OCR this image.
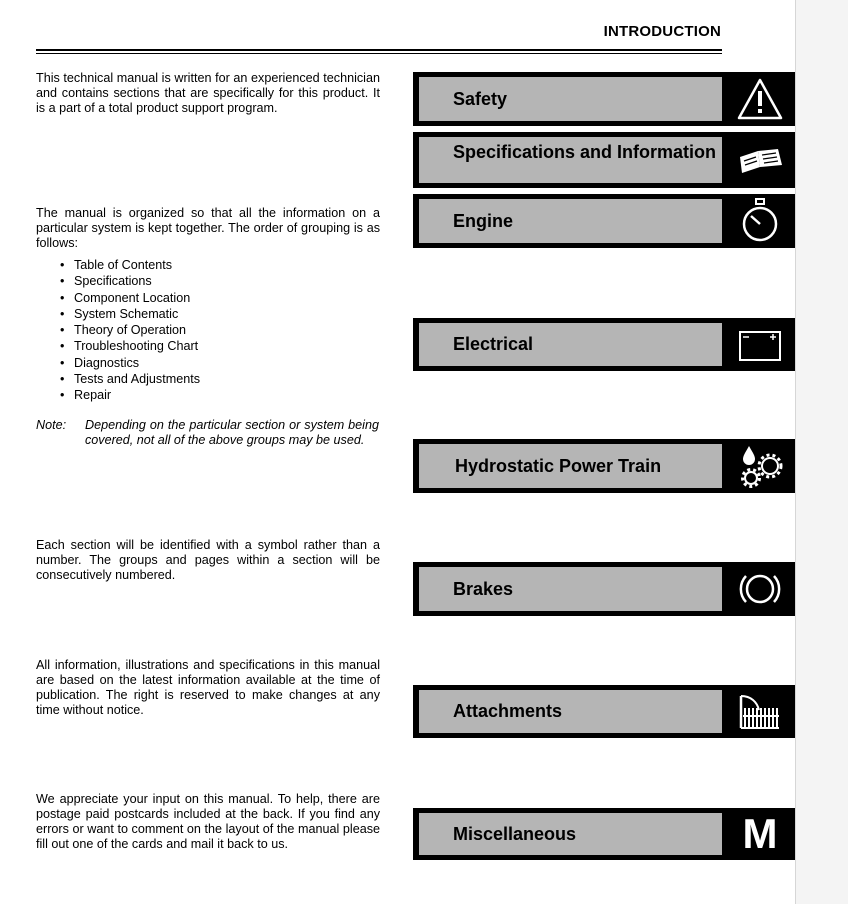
INTRODUCTION
This technical manual is written for an experienced technician and contains sections that are specifically for this product. It is a part of a total product support program.
The manual is organized so that all the information on a particular system is kept together. The order of grouping is as follows:
• Table of Contents
• Specifications
• Component Location
• System Schematic
• Theory of Operation
• Troubleshooting Chart
• Diagnostics
• Tests and Adjustments
• Repair
Note: Depending on the particular section or system being covered, not all of the above groups may be used.
Each section will be identified with a symbol rather than a number. The groups and pages within a section will be consecutively numbered.
All information, illustrations and specifications in this manual are based on the latest information available at the time of publication. The right is reserved to make changes at any time without notice.
We appreciate your input on this manual. To help, there are postage paid postcards included at the back. If you find any errors or want to comment on the layout of the manual please fill out one of the cards and mail it back to us.
Safety
Specifications and Information
Engine
Electrical
Hydrostatic Power Train
Brakes
Attachments
Miscellaneous	M
